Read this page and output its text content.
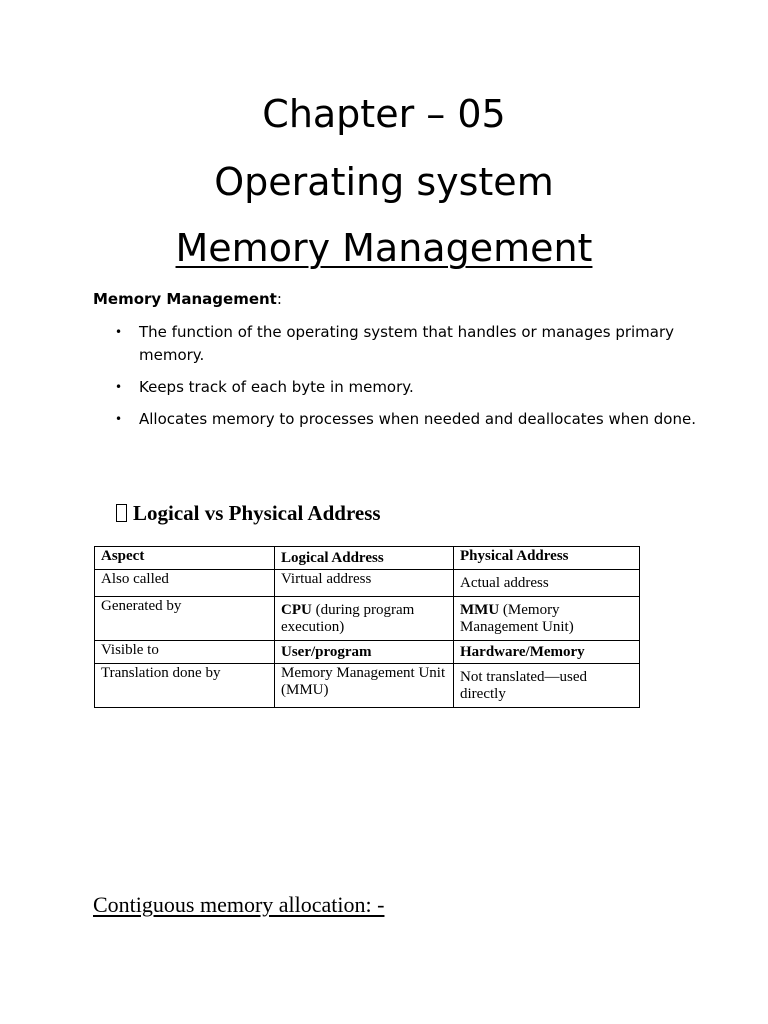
Chapter – 05
Operating system
Memory Management
Memory Management:
• The function of the operating system that handles or manages primary memory.
• Keeps track of each byte in memory.
• Allocates memory to processes when needed and deallocates when done.
Logical vs Physical Address
Aspect	Logical Address	Physical Address
Also called	Virtual address	Actual address
Generated by	CPU (during program execution)	MMU (Memory Management Unit)
Visible to	User/program	Hardware/Memory
Translation done by	Memory Management Unit (MMU)	Not translated—used directly
Contiguous memory allocation: -
